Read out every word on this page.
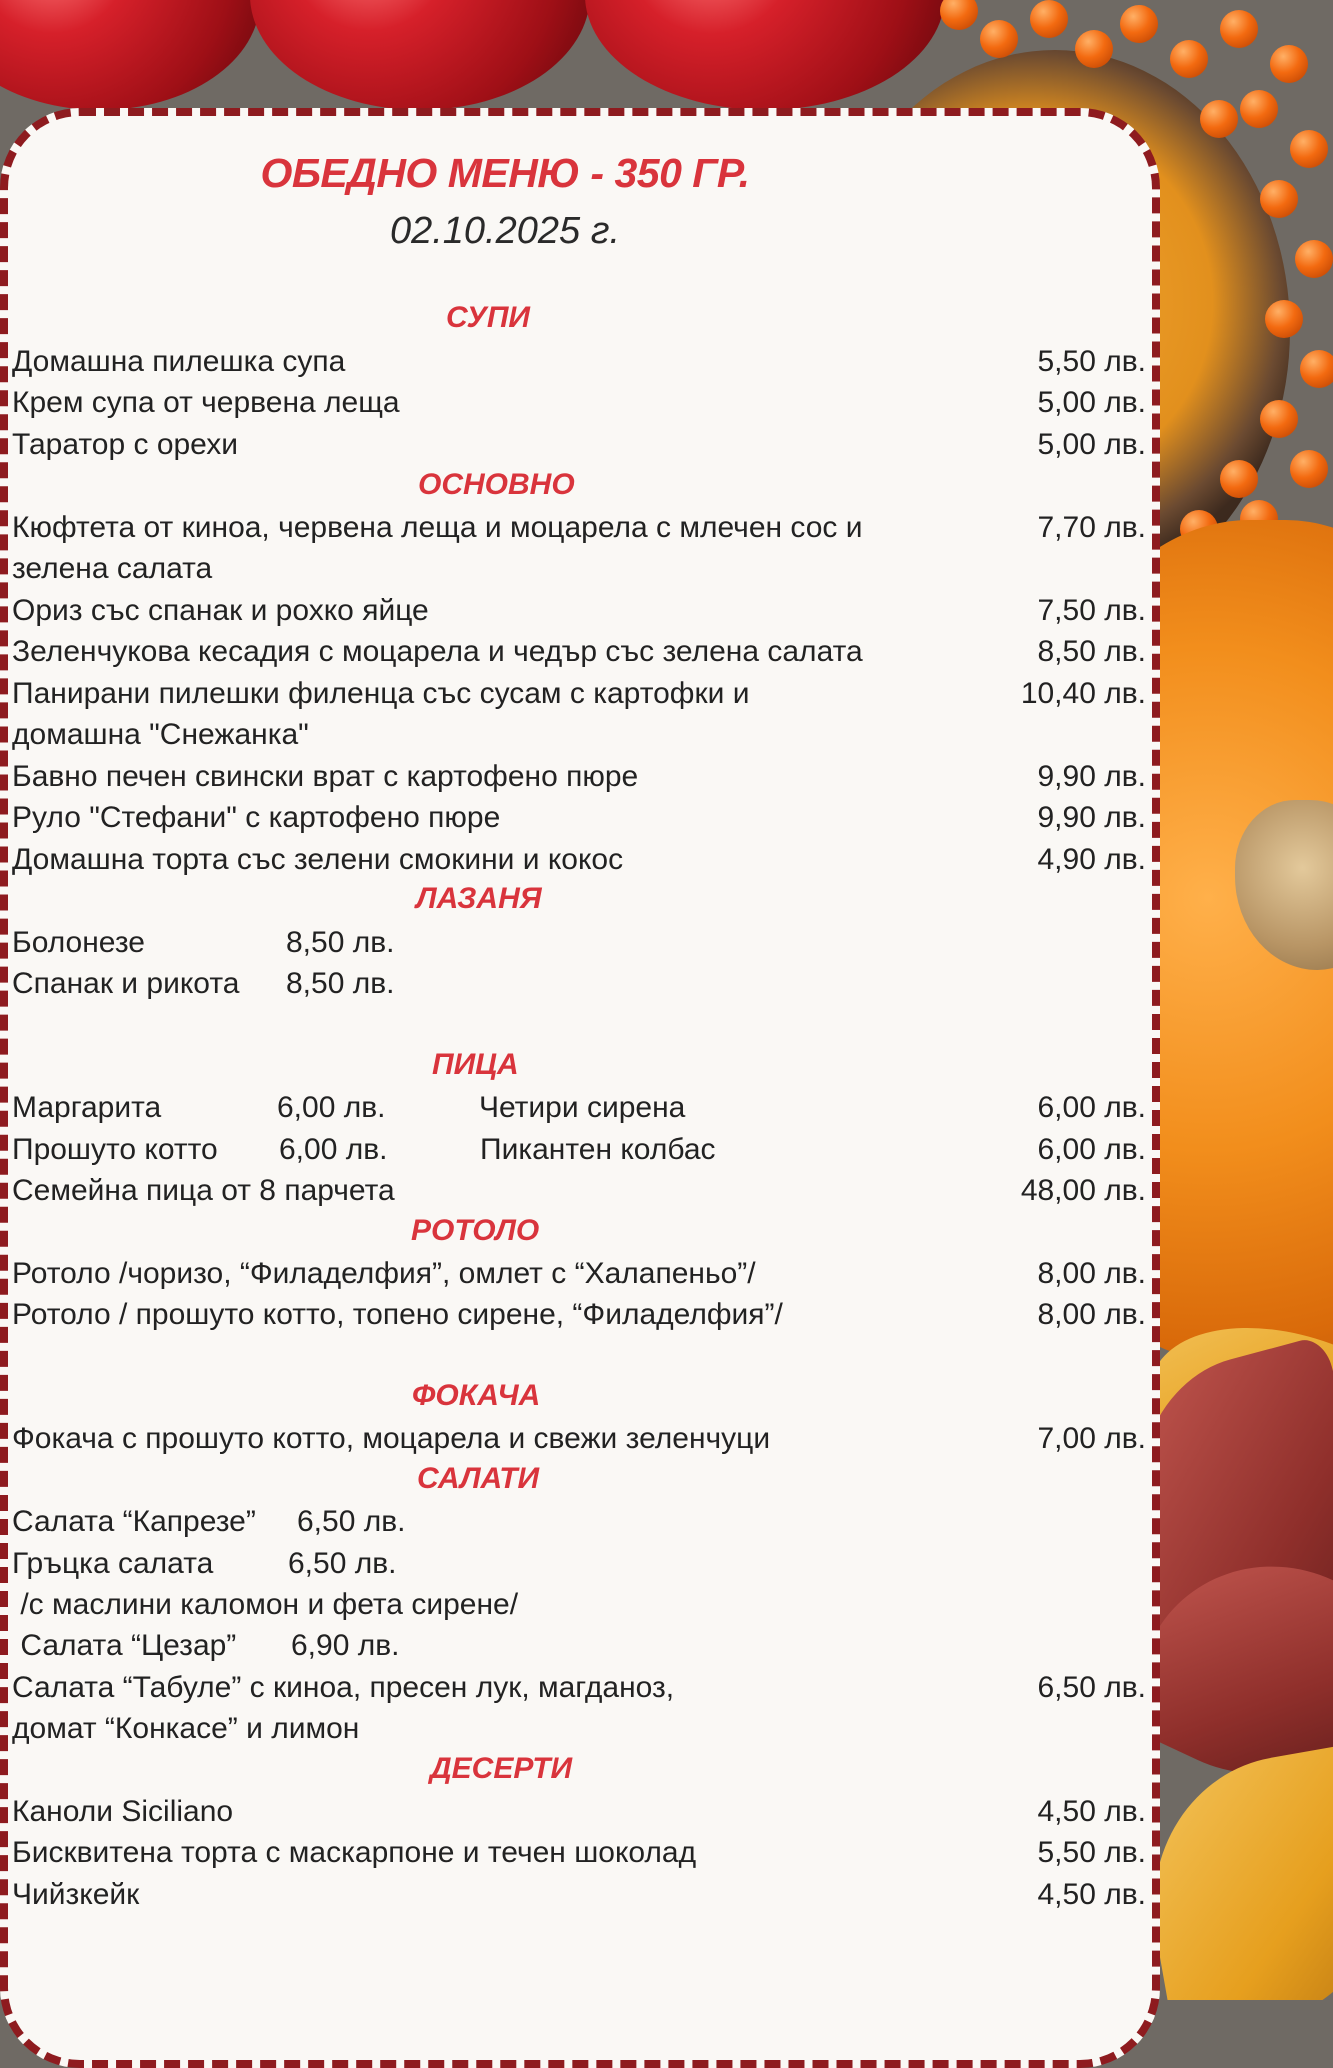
ОБЕДНО МЕНЮ - 350 ГР.
02.10.2025 г.
СУПИ
Домашна пилешка супа	5,50 лв.
Крем супа от червена леща	5,00 лв.
Таратор с орехи	5,00 лв.
ОСНОВНО
Кюфтета от киноа, червена леща и моцарела с млечен сос и	7,70 лв.
зелена салата
Ориз със спанак и рохко яйце	7,50 лв.
Зеленчукова кесадия с моцарела и чедър със зелена салата	8,50 лв.
Панирани пилешки филенца със сусам с картофки и	10,40 лв.
домашна "Снежанка"
Бавно печен свински врат с картофено пюре	9,90 лв.
Руло "Стефани" с картофено пюре	9,90 лв.
Домашна торта със зелени смокини и кокос	4,90 лв.
ЛАЗАНЯ
Болонезе	8,50 лв.
Спанак и рикота 8,50 лв.
ПИЦА
Маргарита	6,00 лв.	Четири сирена	6,00 лв.
Прошуто котто 6,00 лв.	Пикантен колбас	6,00 лв.
Семейна пица от 8 парчета	48,00 лв.
РОТОЛО
Ротоло /чоризо, “Филаделфия”, омлет с “Халапеньо”/	8,00 лв.
Ротоло / прошуто котто, топено сирене, “Филаделфия”/	8,00 лв.
ФОКАЧА
Фокача с прошуто котто, моцарела и свежи зеленчуци	7,00 лв.
САЛАТИ
Салата “Капрезе” 6,50 лв.
Гръцка салата 6,50 лв.
/с маслини каломон и фета сирене/
Салата “Цезар” 6,90 лв.
Салата “Табуле” с киноа, пресен лук, магданоз,	6,50 лв.
домат “Конкасе” и лимон
ДЕСЕРТИ
Каноли Siciliano	4,50 лв.
Бисквитена торта с маскарпоне и течен шоколад	5,50 лв.
Чийзкейк	4,50 лв.
